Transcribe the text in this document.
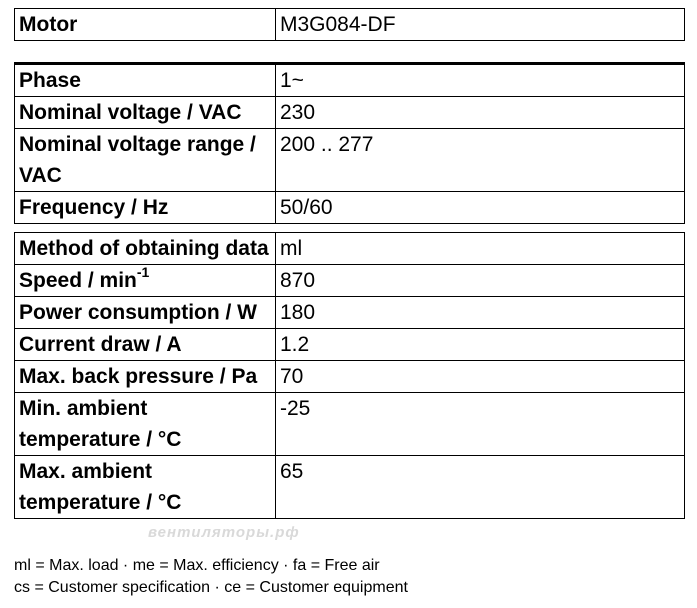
Motor	M3G084-DF
Phase	1~
Nominal voltage / VAC	230
Nominal voltage range / VAC	200 .. 277
Frequency / Hz	50/60
Method of obtaining data	ml
Speed / $\min^{-1}$	870
Power consumption / W	180
Current draw / A	1.2
Max. back pressure / Pa	70
Min. ambient temperature / °C	-25
Max. ambient temperature / °C	65
вентиляторы.рф
ml = Max. load · me = Max. efficiency · fa = Free air
cs = Customer specification · ce = Customer equipment
